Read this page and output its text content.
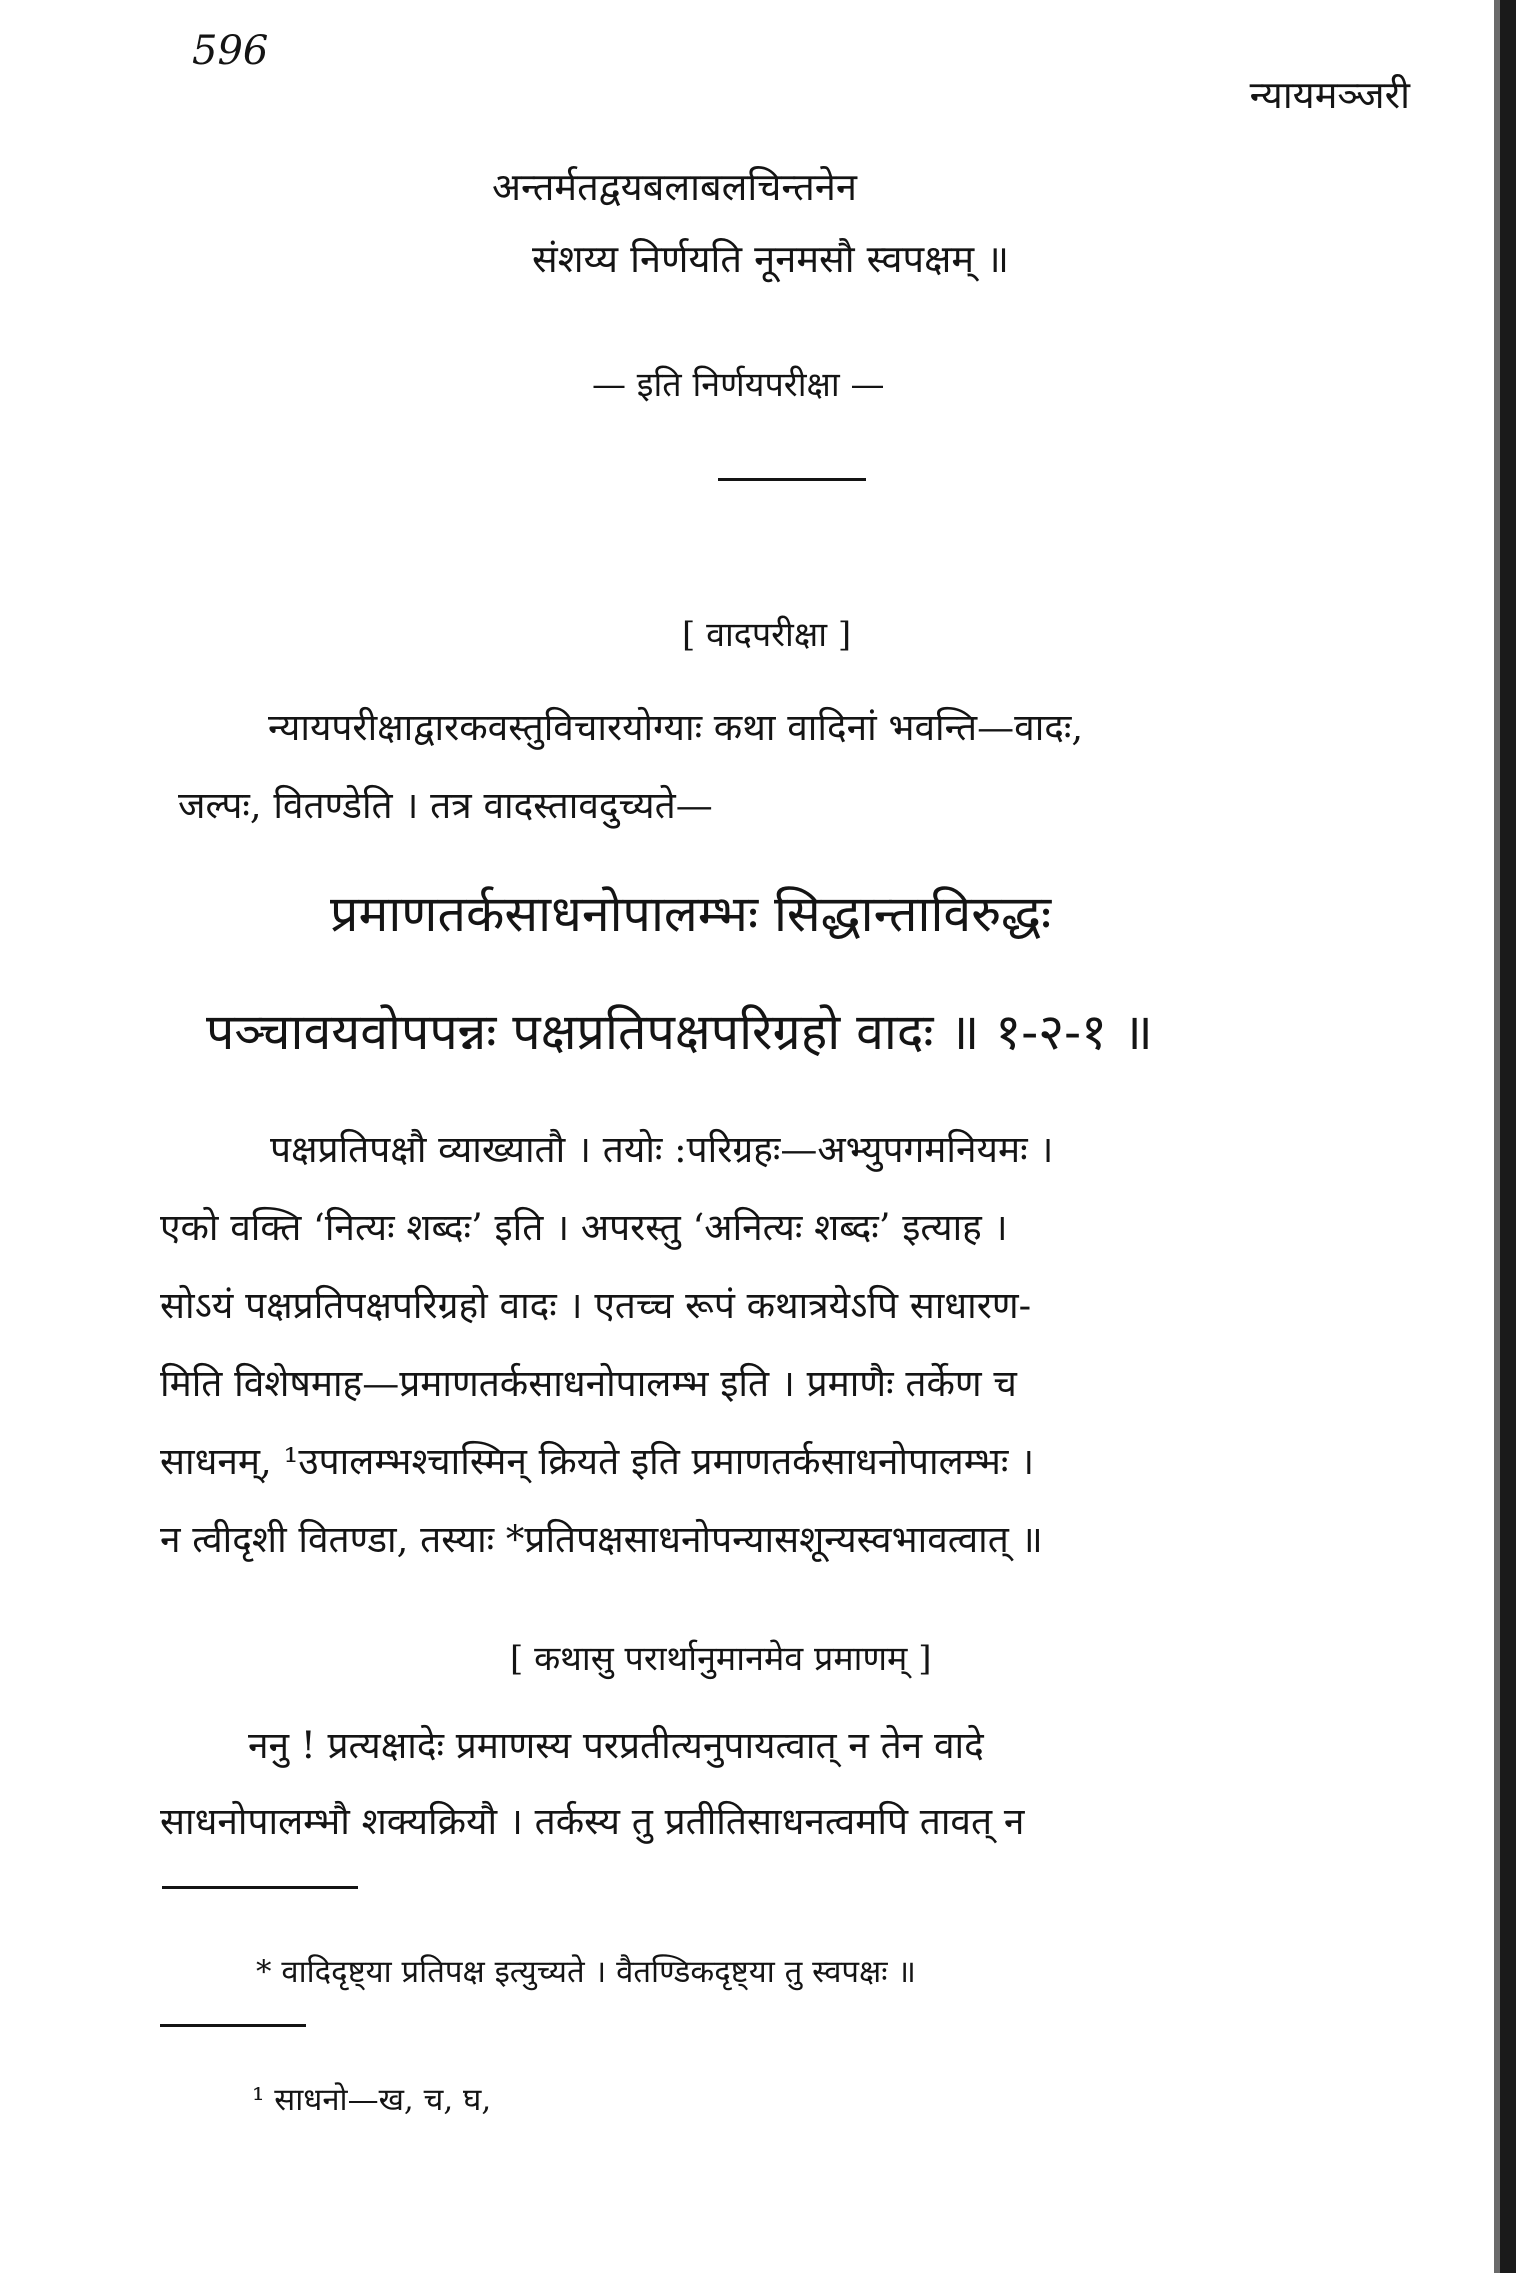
596
न्यायमञ्जरी
अन्तर्मतद्वयबलाबलचिन्तनेन
संशय्य निर्णयति नूनमसौ स्वपक्षम् ॥
— इति निर्णयपरीक्षा —
[ वादपरीक्षा ]
न्यायपरीक्षाद्वारकवस्तुविचारयोग्याः कथा वादिनां भवन्ति—वादः,
जल्पः, वितण्डेति । तत्र वादस्तावदुच्यते—
प्रमाणतर्कसाधनोपालम्भः सिद्धान्ताविरुद्धः
पञ्चावयवोपपन्नः पक्षप्रतिपक्षपरिग्रहो वादः ॥ १-२-१ ॥
पक्षप्रतिपक्षौ व्याख्यातौ । तयोः :परिग्रहः—अभ्युपगमनियमः ।
एको वक्ति ‘नित्यः शब्दः’ इति । अपरस्तु ‘अनित्यः शब्दः’ इत्याह ।
सोऽयं पक्षप्रतिपक्षपरिग्रहो वादः । एतच्च रूपं कथात्रयेऽपि साधारण-
मिति विशेषमाह—प्रमाणतर्कसाधनोपालम्भ इति । प्रमाणैः तर्केण च
साधनम्, ¹उपालम्भश्चास्मिन् क्रियते इति प्रमाणतर्कसाधनोपालम्भः ।
न त्वीदृशी वितण्डा, तस्याः *प्रतिपक्षसाधनोपन्यासशून्यस्वभावत्वात् ॥
[ कथासु परार्थानुमानमेव प्रमाणम् ]
ननु ! प्रत्यक्षादेः प्रमाणस्य परप्रतीत्यनुपायत्वात् न तेन वादे
साधनोपालम्भौ शक्यक्रियौ । तर्कस्य तु प्रतीतिसाधनत्वमपि तावत् न
* वादिदृष्ट्या प्रतिपक्ष इत्युच्यते । वैतण्डिकदृष्ट्या तु स्वपक्षः ॥
¹ साधनो—ख, च, घ,
